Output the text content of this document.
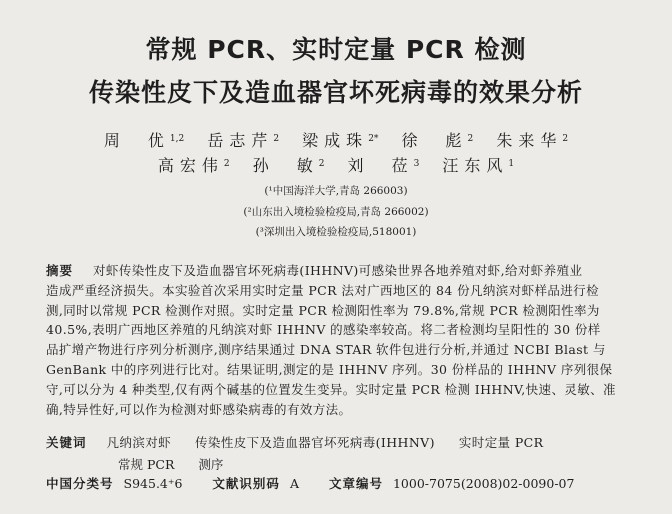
常规 PCR、实时定量 PCR 检测
传染性皮下及造血器官坏死病毒的效果分析
周　优$^{1,2}$ 岳志芹$^2$ 梁成珠$^{2*}$ 徐　彪$^2$ 朱来华$^2$
高宏伟$^2$ 孙　敏$^2$ 刘　莅$^3$ 汪东风$^1$
(¹中国海洋大学,青岛 266003)
(²山东出入境检验检疫局,青岛 266002)
(³深圳出入境检验检疫局,518001)
摘要 对虾传染性皮下及造血器官坏死病毒(IHHNV)可感染世界各地养殖对虾,给对虾养殖业
造成严重经济损失。本实验首次采用实时定量 PCR 法对广西地区的 84 份凡纳滨对虾样品进行检
测,同时以常规 PCR 检测作对照。实时定量 PCR 检测阳性率为 79.8%,常规 PCR 检测阳性率为
40.5%,表明广西地区养殖的凡纳滨对虾 IHHNV 的感染率较高。将二者检测均呈阳性的 30 份样
品扩增产物进行序列分析测序,测序结果通过 DNA STAR 软件包进行分析,并通过 NCBI Blast 与
GenBank 中的序列进行比对。结果证明,测定的是 IHHNV 序列。30 份样品的 IHHNV 序列很保
守,可以分为 4 种类型,仅有两个碱基的位置发生变异。实时定量 PCR 检测 IHHNV,快速、灵敏、准
确,特异性好,可以作为检测对虾感染病毒的有效方法。
关键词 凡纳滨对虾 传染性皮下及造血器官坏死病毒(IHHNV) 实时定量 PCR
常规 PCR 测序
中国分类号 S945.4⁺6 文献识别码 A 文章编号 1000-7075(2008)02-0090-07
